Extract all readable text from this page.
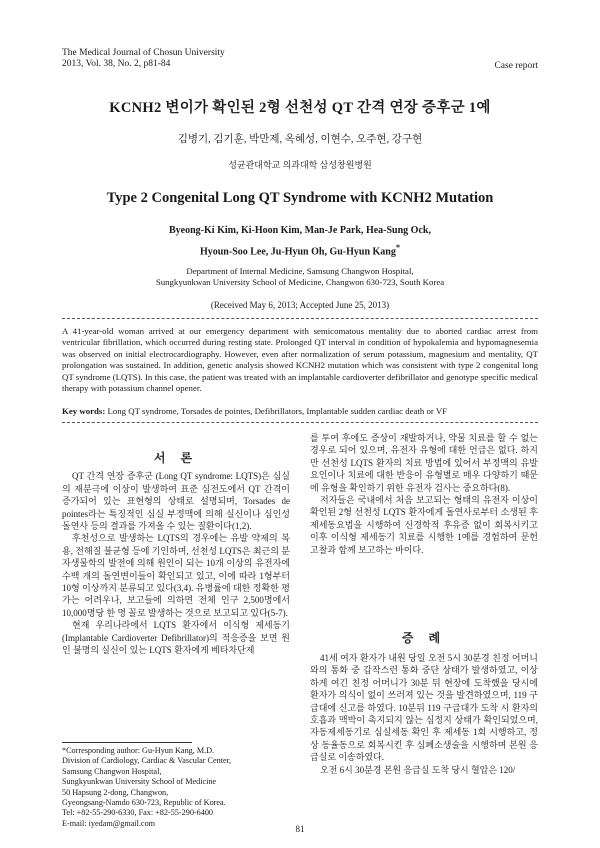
The Medical Journal of Chosun University
2013, Vol. 38, No. 2, p81-84	Case report
KCNH2 변이가 확인된 2형 선천성 QT 간격 연장 증후군 1예
김병기, 김기훈, 박만제, 옥혜성, 이현수, 오주현, 강구현
성균관대학교 의과대학 삼성창원병원
Type 2 Congenital Long QT Syndrome with KCNH2 Mutation
Byeong-Ki Kim, Ki-Hoon Kim, Man-Je Park, Hea-Sung Ock,
Hyoun-Soo Lee, Ju-Hyun Oh, Gu-Hyun Kang*
Department of Internal Medicine, Samsung Changwon Hospital,
Sungkyunkwan University School of Medicine, Changwon 630-723, South Korea
(Received May 6, 2013; Accepted June 25, 2013)
A 41-year-old woman arrived at our emergency department with semicomatous mentality due to aborted cardiac arrest from ventricular fibrillation, which occurred during resting state. Prolonged QT interval in condition of hypokalemia and hypomagnesemia was observed on initial electrocardiography. However, even after normalization of serum potassium, magnesium and mentality, QT prolongation was sustained. In addition, genetic analysis showed KCNH2 mutation which was consistent with type 2 congenital long QT syndrome (LQTS). In this case, the patient was treated with an implantable cardioverter defibrillator and genotype specific medical therapy with potassium channel opener.
Key words: Long QT syndrome, Torsades de pointes, Defibrillators, Implantable sudden cardiac death or VF
서 론

QT 간격 연장 증후군 (Long QT syndrome: LQTS)은 심실의 재분극에 이상이 발생하여 표준 심전도에서 QT 간격이 증가되어 있는 표현형의 상태로 설명되며, Torsades de pointes라는 특징적인 심실 부정맥에 의해 실신이나 심인성 돌연사 등의 결과를 가져올 수 있는 질환이다(1,2).

후천성으로 발생하는 LQTS의 경우에는 유발 약제의 복용, 전해질 불균형 등에 기인하며, 선천성 LQTS은 최근의 분자생물학의 발전에 의해 원인이 되는 10개 이상의 유전자에 수백 개의 돌연변이들이 확인되고 있고, 이에 따라 1형부터 10형 이상까지 분류되고 있다(3,4). 유병률에 대한 정확한 평가는 어려우나, 보고들에 의하면 전체 인구 2,500명에서 10,000명당 한 명 꼴로 발생하는 것으로 보고되고 있다(5-7).

현재 우리나라에서 LQTS 환자에서 이식형 제세동기 (Implantable Cardioverter Defibrillator)의 적응증을 보면 원인 불명의 실신이 있는 LQTS 환자에게 베타차단제

를 투여 후에도 증상이 재발하거나, 약물 치료를 할 수 없는 경우로 되어 있으며, 유전자 유형에 대한 언급은 없다. 하지만 선천성 LQTS 환자의 치료 방법에 있어서 부정맥의 유발요인이나 치료에 대한 반응이 유형별로 매우 다양하기 때문에 유형을 확인하기 위한 유전자 검사는 중요하다(8).

저자들은 국내에서 처음 보고되는 형태의 유전자 이상이 확인된 2형 선천성 LQTS 환자에게 돌연사로부터 소생된 후 제세동요법을 시행하여 신경학적 후유증 없이 회복시키고 이후 이식형 제세동기 치료를 시행한 1예를 경험하여 문헌 고찰과 함께 보고하는 바이다.

증 례

41세 여자 환자가 내원 당일 오전 5시 30분경 친정 어머니와의 통화 중 갑작스런 통화 중단 상태가 발생하였고, 이상하게 여긴 친정 어머니가 30분 뒤 현장에 도착했을 당시에 환자가 의식이 없이 쓰러져 있는 것을 발견하였으며, 119 구급대에 신고를 하였다. 10분뒤 119 구급대가 도착 시 환자의 호흡과 맥박이 촉지되지 않는 심정지 상태가 확인되었으며, 자동제세동기로 심실세동 확인 후 제세동 1회 시행하고, 정상 동율동으로 회복시킨 후 심폐소생술을 시행하며 본원 응급실로 이송하였다.

오전 6시 30분경 본원 응급실 도착 당시 혈압은 120/

*Corresponding author: Gu-Hyun Kang, M.D.
Division of Cardiology, Cardiac & Vascular Center,
Samsung Changwon Hospital,
Sungkyunkwan University School of Medicine
50 Hapsung 2-dong, Changwon,
Gyeongsang-Namdo 630-723, Republic of Korea.
Tel: +82-55-290-6330, Fax: +82-55-290-6400
E-mail: iyedam@gmail.com
81
